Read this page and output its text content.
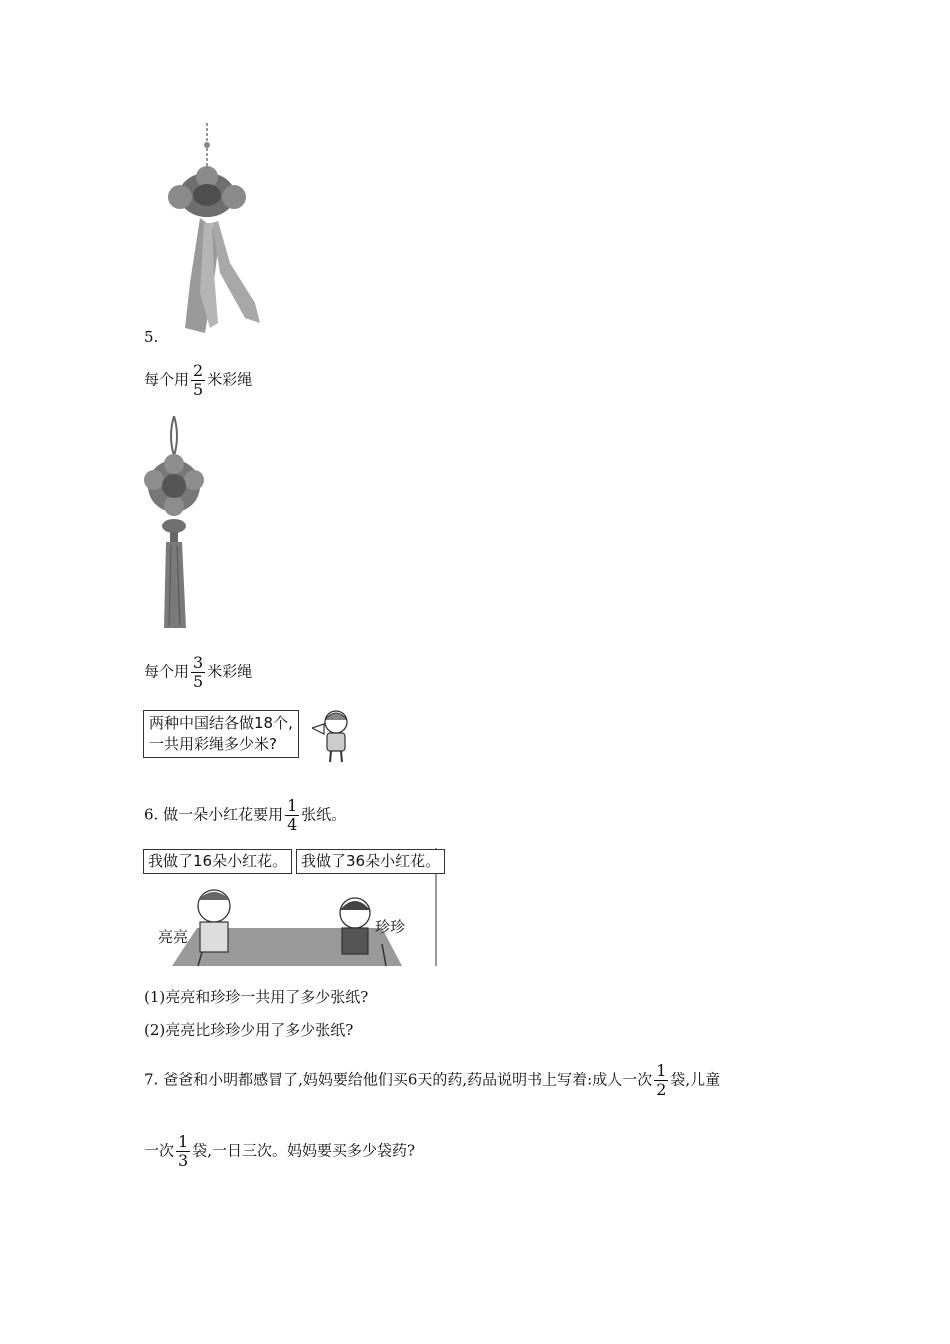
5.
每个用 $\frac{2}{5}$ 米彩绳
每个用 $\frac{3}{5}$ 米彩绳
两种中国结各做18个,
一共用彩绳多少米?
6. 做一朵小红花要用 $\frac{1}{4}$ 张纸。
我做了16朵小红花。 我做了36朵小红花。
亮亮
珍珍
(1)亮亮和珍珍一共用了多少张纸?
(2)亮亮比珍珍少用了多少张纸?
7. 爸爸和小明都感冒了,妈妈要给他们买6天的药,药品说明书上写着:成人一次 $\frac{1}{2}$ 袋,儿童
一次 $\frac{1}{3}$ 袋,一日三次。妈妈要买多少袋药?
